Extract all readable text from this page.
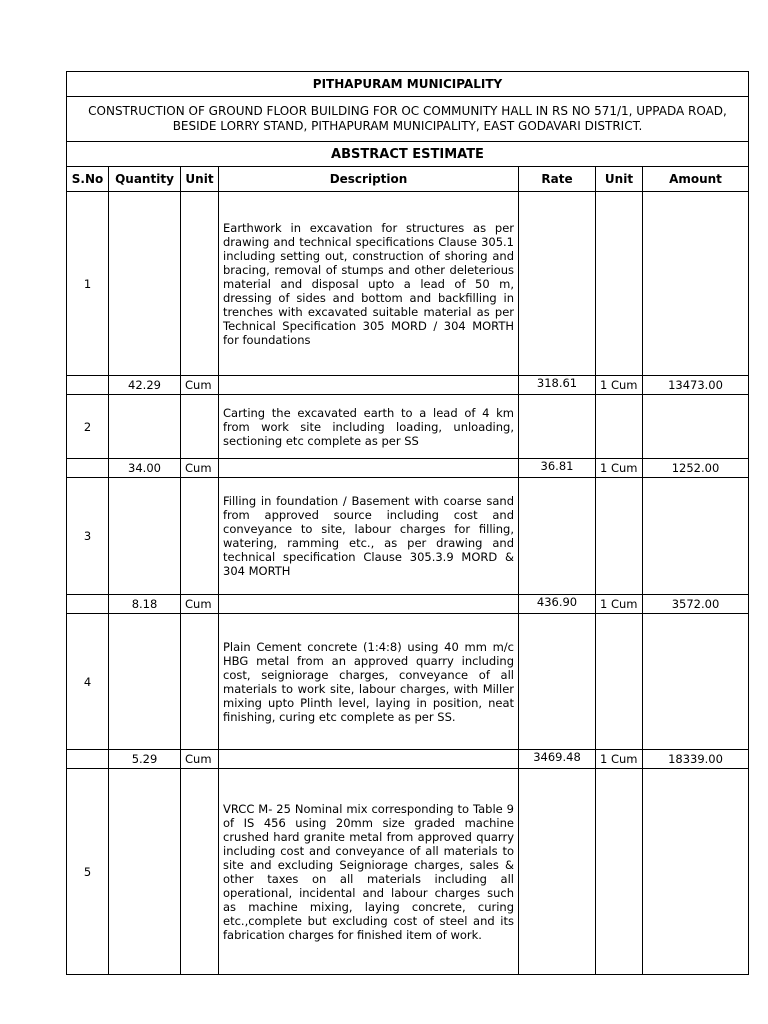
PITHAPURAM MUNICIPALITY						
CONSTRUCTION OF GROUND FLOOR BUILDING FOR OC COMMUNITY HALL IN RS NO 571/1, UPPADA ROAD, BESIDE LORRY STAND, PITHAPURAM MUNICIPALITY, EAST GODAVARI DISTRICT.						
ABSTRACT ESTIMATE						
S.No	Quantity	Unit	Description	Rate	Unit	Amount
1			Earthwork in excavation for structures as per drawing and technical specifications Clause 305.1 including setting out, construction of shoring and bracing, removal of stumps and other deleterious material and disposal upto a lead of 50 m, dressing of sides and bottom and backfilling in trenches with excavated suitable material as per Technical Specification 305 MORD / 304 MORTH for foundations			
	42.29	Cum		318.61	1 Cum	13473.00
2			Carting the excavated earth to a lead of 4 km from work site including loading, unloading, sectioning etc complete as per SS			
	34.00	Cum		36.81	1 Cum	1252.00
3			Filling in foundation / Basement with coarse sand from approved source including cost and conveyance to site, labour charges for filling, watering, ramming etc., as per drawing and technical specification Clause 305.3.9 MORD & 304 MORTH			
	8.18	Cum		436.90	1 Cum	3572.00
4			Plain Cement concrete (1:4:8) using 40 mm m/c HBG metal from an approved quarry including cost, seigniorage charges, conveyance of all materials to work site, labour charges, with Miller mixing upto Plinth level, laying in position, neat finishing, curing etc complete as per SS.			
	5.29	Cum		3469.48	1 Cum	18339.00
5			VRCC M- 25 Nominal mix corresponding to Table 9 of IS 456 using 20mm size graded machine crushed hard granite metal from approved quarry including cost and conveyance of all materials to site and excluding Seigniorage charges, sales & other taxes on all materials including all operational, incidental and labour charges such as machine mixing, laying concrete, curing etc.,complete but excluding cost of steel and its fabrication charges for finished item of work.			
